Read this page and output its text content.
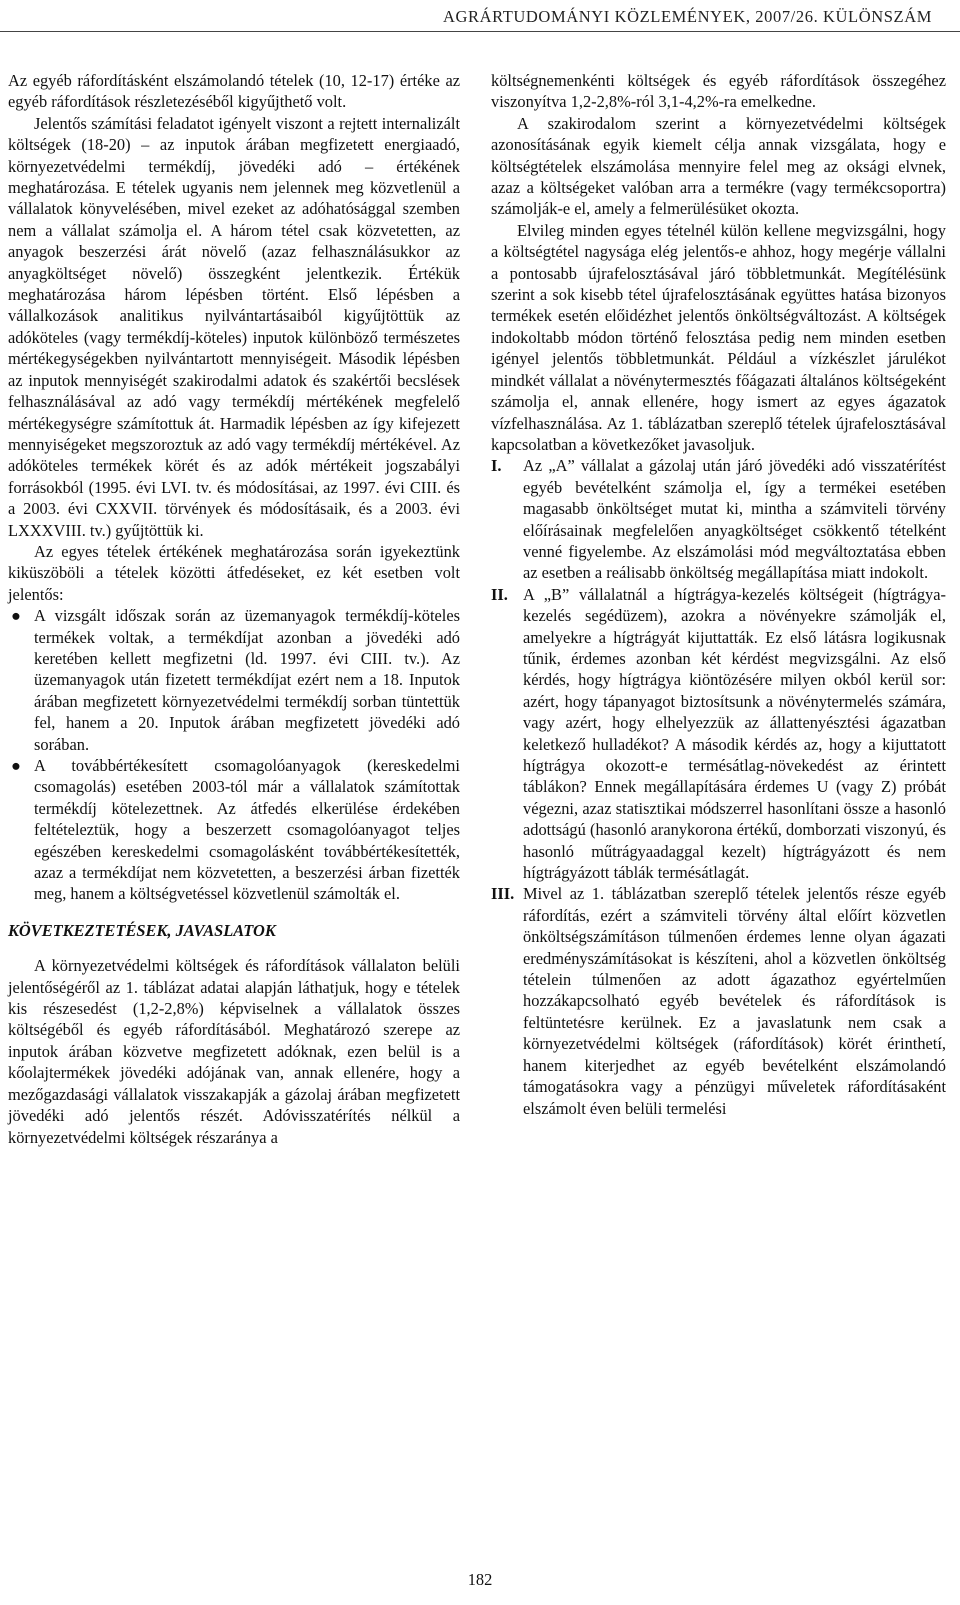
AGRÁRTUDOMÁNYI KÖZLEMÉNYEK, 2007/26. KÜLÖNSZÁM

Az egyéb ráfordításként elszámolandó tételek (10, 12-17) értéke az egyéb ráfordítások részletezéséből kigyűjthető volt.

Jelentős számítási feladatot igényelt viszont a rejtett internalizált költségek (18-20) – az inputok árában megfizetett energiaadó, környezetvédelmi termékdíj, jövedéki adó – értékének meghatározása. E tételek ugyanis nem jelennek meg közvetlenül a vállalatok könyvelésében, mivel ezeket az adóhatósággal szemben nem a vállalat számolja el. A három tétel csak közvetetten, az anyagok beszerzési árát növelő (azaz felhasználásukkor az anyagköltséget növelő) összegként jelentkezik. Értékük meghatározása három lépésben történt. Első lépésben a vállalkozások analitikus nyilvántartásaiból kigyűjtöttük az adóköteles (vagy termékdíj-köteles) inputok különböző természetes mértékegységekben nyilvántartott mennyiségeit. Második lépésben az inputok mennyiségét szakirodalmi adatok és szakértői becslések felhasználásával az adó vagy termékdíj mértékének megfelelő mértékegységre számítottuk át. Harmadik lépésben az így kifejezett mennyiségeket megszoroztuk az adó vagy termékdíj mértékével. Az adóköteles termékek körét és az adók mértékeit jogszabályi forrásokból (1995. évi LVI. tv. és módosításai, az 1997. évi CIII. és a 2003. évi CXXVII. törvények és módosításaik, és a 2003. évi LXXXVIII. tv.) gyűjtöttük ki.

Az egyes tételek értékének meghatározása során igyekeztünk kiküszöböli a tételek közötti átfedéseket, ez két esetben volt jelentős:

● A vizsgált időszak során az üzemanyagok termékdíj-köteles termékek voltak, a termékdíjat azonban a jövedéki adó keretében kellett megfizetni (ld. 1997. évi CIII. tv.). Az üzemanyagok után fizetett termékdíjat ezért nem a 18. Inputok árában megfizetett környezetvédelmi termékdíj sorban tüntettük fel, hanem a 20. Inputok árában megfizetett jövedéki adó sorában.
● A továbbértékesített csomagolóanyagok (kereskedelmi csomagolás) esetében 2003-tól már a vállalatok számítottak termékdíj kötelezettnek. Az átfedés elkerülése érdekében feltételeztük, hogy a beszerzett csomagolóanyagot teljes egészében kereskedelmi csomagolásként továbbértékesítették, azaz a termékdíjat nem közvetetten, a beszerzési árban fizették meg, hanem a költségvetéssel közvetlenül számolták el.

KÖVETKEZTETÉSEK, JAVASLATOK

A környezetvédelmi költségek és ráfordítások vállalaton belüli jelentőségéről az 1. táblázat adatai alapján láthatjuk, hogy e tételek kis részesedést (1,2-2,8%) képviselnek a vállalatok összes költségéből és egyéb ráfordításából. Meghatározó szerepe az inputok árában közvetve megfizetett adóknak, ezen belül is a kőolajtermékek jövedéki adójának van, annak ellenére, hogy a mezőgazdasági vállalatok visszakapják a gázolaj árában megfizetett jövedéki adó jelentős részét. Adóvisszatérítés nélkül a környezetvédelmi költségek részaránya a

költségnemenkénti költségek és egyéb ráfordítások összegéhez viszonyítva 1,2-2,8%-ról 3,1-4,2%-ra emelkedne.

A szakirodalom szerint a környezetvédelmi költségek azonosításának egyik kiemelt célja annak vizsgálata, hogy e költségtételek elszámolása mennyire felel meg az oksági elvnek, azaz a költségeket valóban arra a termékre (vagy termékcsoportra) számolják-e el, amely a felmerülésüket okozta.

Elvileg minden egyes tételnél külön kellene megvizsgálni, hogy a költségtétel nagysága elég jelentős-e ahhoz, hogy megérje vállalni a pontosabb újrafelosztásával járó többletmunkát. Megítélésünk szerint a sok kisebb tétel újrafelosztásának együttes hatása bizonyos termékek esetén előidézhet jelentős önköltségváltozást. A költségek indokoltabb módon történő felosztása pedig nem minden esetben igényel jelentős többletmunkát. Például a vízkészlet járulékot mindkét vállalat a növénytermesztés főágazati általános költségeként számolja el, annak ellenére, hogy ismert az egyes ágazatok vízfelhasználása. Az 1. táblázatban szereplő tételek újrafelosztásával kapcsolatban a következőket javasoljuk.

I. Az „A” vállalat a gázolaj után járó jövedéki adó visszatérítést egyéb bevételként számolja el, így a termékei esetében magasabb önköltséget mutat ki, mintha a számviteli törvény előírásainak megfelelően anyagköltséget csökkentő tételként venné figyelembe. Az elszámolási mód megváltoztatása ebben az esetben a reálisabb önköltség megállapítása miatt indokolt.
II. A „B” vállalatnál a hígtrágya-kezelés költségeit (hígtrágya-kezelés segédüzem), azokra a növényekre számolják el, amelyekre a hígtrágyát kijuttatták. Ez első látásra logikusnak tűnik, érdemes azonban két kérdést megvizsgálni. Az első kérdés, hogy hígtrágya kiöntözésére milyen okból kerül sor: azért, hogy tápanyagot biztosítsunk a növénytermelés számára, vagy azért, hogy elhelyezzük az állattenyésztési ágazatban keletkező hulladékot? A második kérdés az, hogy a kijuttatott hígtrágya okozott-e termésátlag-növekedést az érintett táblákon? Ennek megállapítására érdemes U (vagy Z) próbát végezni, azaz statisztikai módszerrel hasonlítani össze a hasonló adottságú (hasonló aranykorona értékű, domborzati viszonyú, és hasonló műtrágyaadaggal kezelt) hígtrágyázott és nem hígtrágyázott táblák termésátlagát.
III. Mivel az 1. táblázatban szereplő tételek jelentős része egyéb ráfordítás, ezért a számviteli törvény által előírt közvetlen önköltségszámításon túlmenően érdemes lenne olyan ágazati eredményszámításokat is készíteni, ahol a közvetlen önköltség tételein túlmenően az adott ágazathoz egyértelműen hozzákapcsolható egyéb bevételek és ráfordítások is feltüntetésre kerülnek. Ez a javaslatunk nem csak a környezetvédelmi költségek (ráfordítások) körét érinthetí, hanem kiterjedhet az egyéb bevételként elszámolandó támogatásokra vagy a pénzügyi műveletek ráfordításaként elszámolt éven belüli termelési
182
